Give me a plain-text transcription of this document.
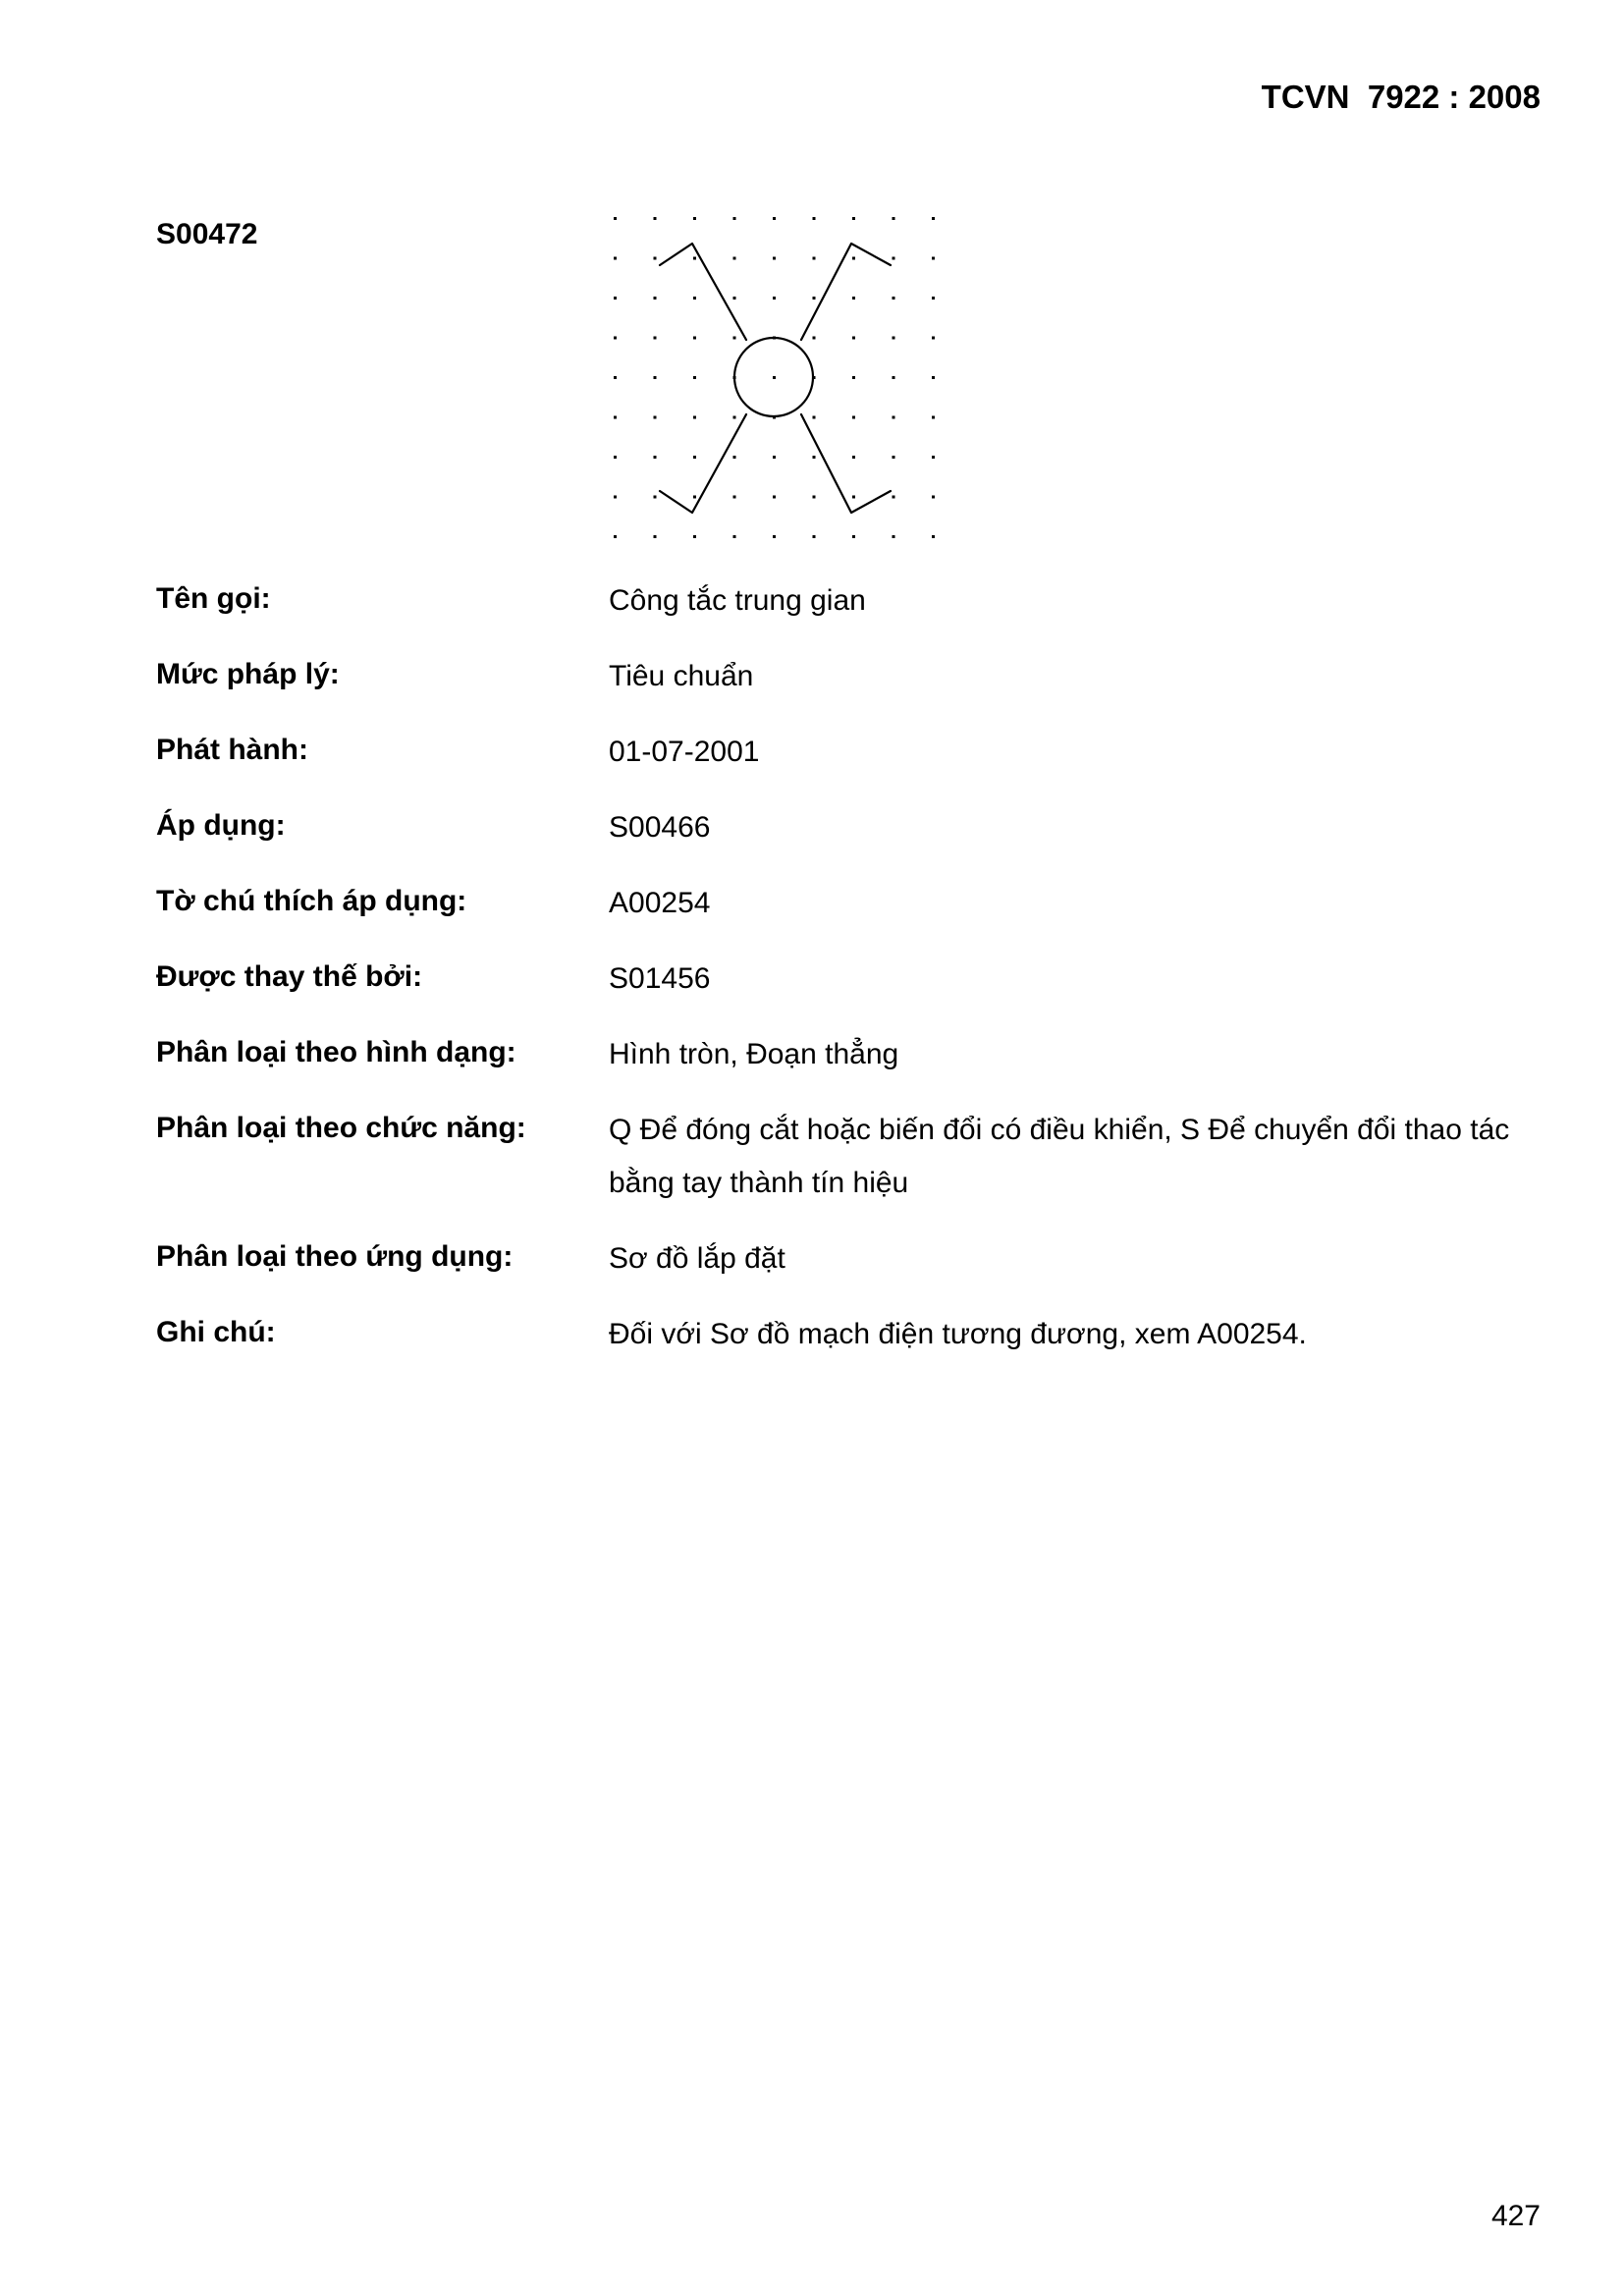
TCVN  7922 : 2008
S00472
Tên gọi:	Công tắc trung gian
Mức pháp lý:	Tiêu chuẩn
Phát hành:	01-07-2001
Áp dụng:	S00466
Tờ chú thích áp dụng:	A00254
Được thay thế bởi:	S01456
Phân loại theo hình dạng:	Hình tròn, Đoạn thẳng
Phân loại theo chức năng:	Q Để đóng cắt hoặc biến đổi có điều khiển, S Để chuyển đổi thao tác bằng tay thành tín hiệu
Phân loại theo ứng dụng:	Sơ đồ lắp đặt
Ghi chú:	Đối với Sơ đồ mạch điện tương đương, xem A00254.
427
